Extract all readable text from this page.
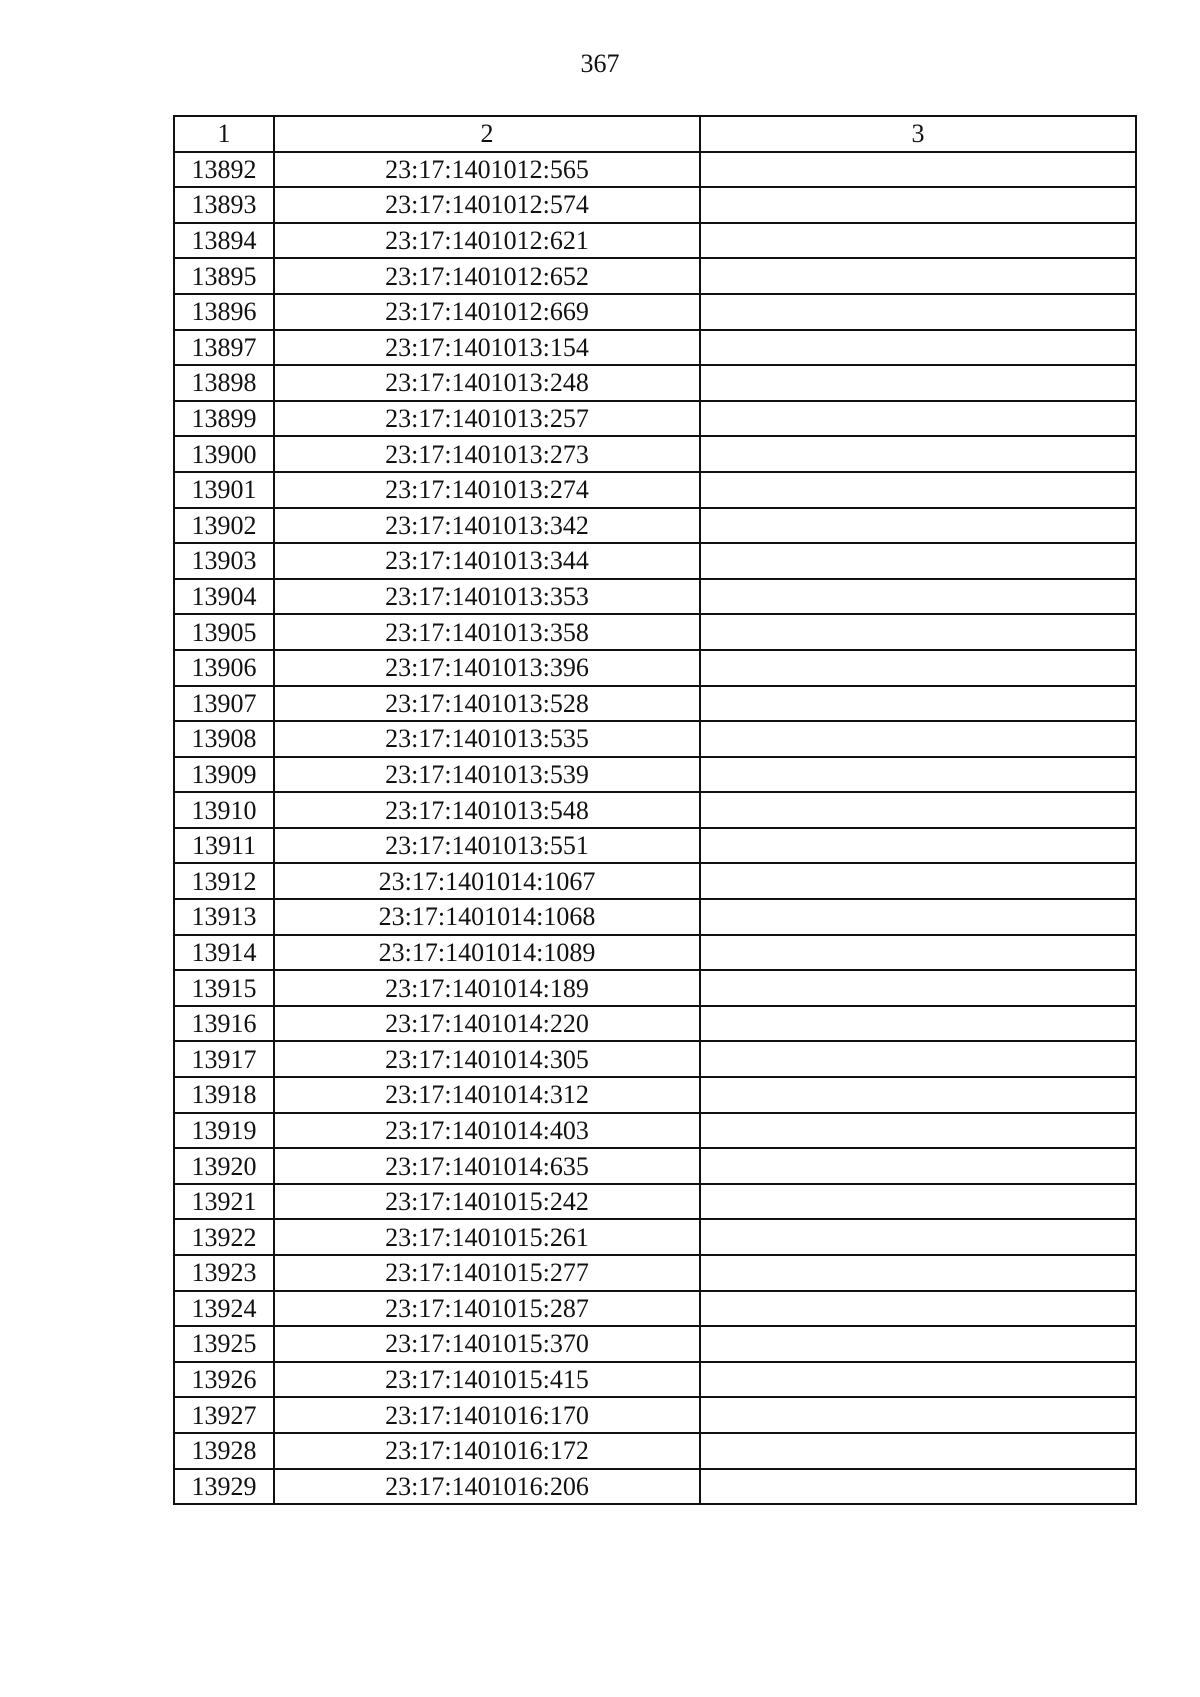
367
1	2	3
13892	23:17:1401012:565	
13893	23:17:1401012:574	
13894	23:17:1401012:621	
13895	23:17:1401012:652	
13896	23:17:1401012:669	
13897	23:17:1401013:154	
13898	23:17:1401013:248	
13899	23:17:1401013:257	
13900	23:17:1401013:273	
13901	23:17:1401013:274	
13902	23:17:1401013:342	
13903	23:17:1401013:344	
13904	23:17:1401013:353	
13905	23:17:1401013:358	
13906	23:17:1401013:396	
13907	23:17:1401013:528	
13908	23:17:1401013:535	
13909	23:17:1401013:539	
13910	23:17:1401013:548	
13911	23:17:1401013:551	
13912	23:17:1401014:1067	
13913	23:17:1401014:1068	
13914	23:17:1401014:1089	
13915	23:17:1401014:189	
13916	23:17:1401014:220	
13917	23:17:1401014:305	
13918	23:17:1401014:312	
13919	23:17:1401014:403	
13920	23:17:1401014:635	
13921	23:17:1401015:242	
13922	23:17:1401015:261	
13923	23:17:1401015:277	
13924	23:17:1401015:287	
13925	23:17:1401015:370	
13926	23:17:1401015:415	
13927	23:17:1401016:170	
13928	23:17:1401016:172	
13929	23:17:1401016:206	
